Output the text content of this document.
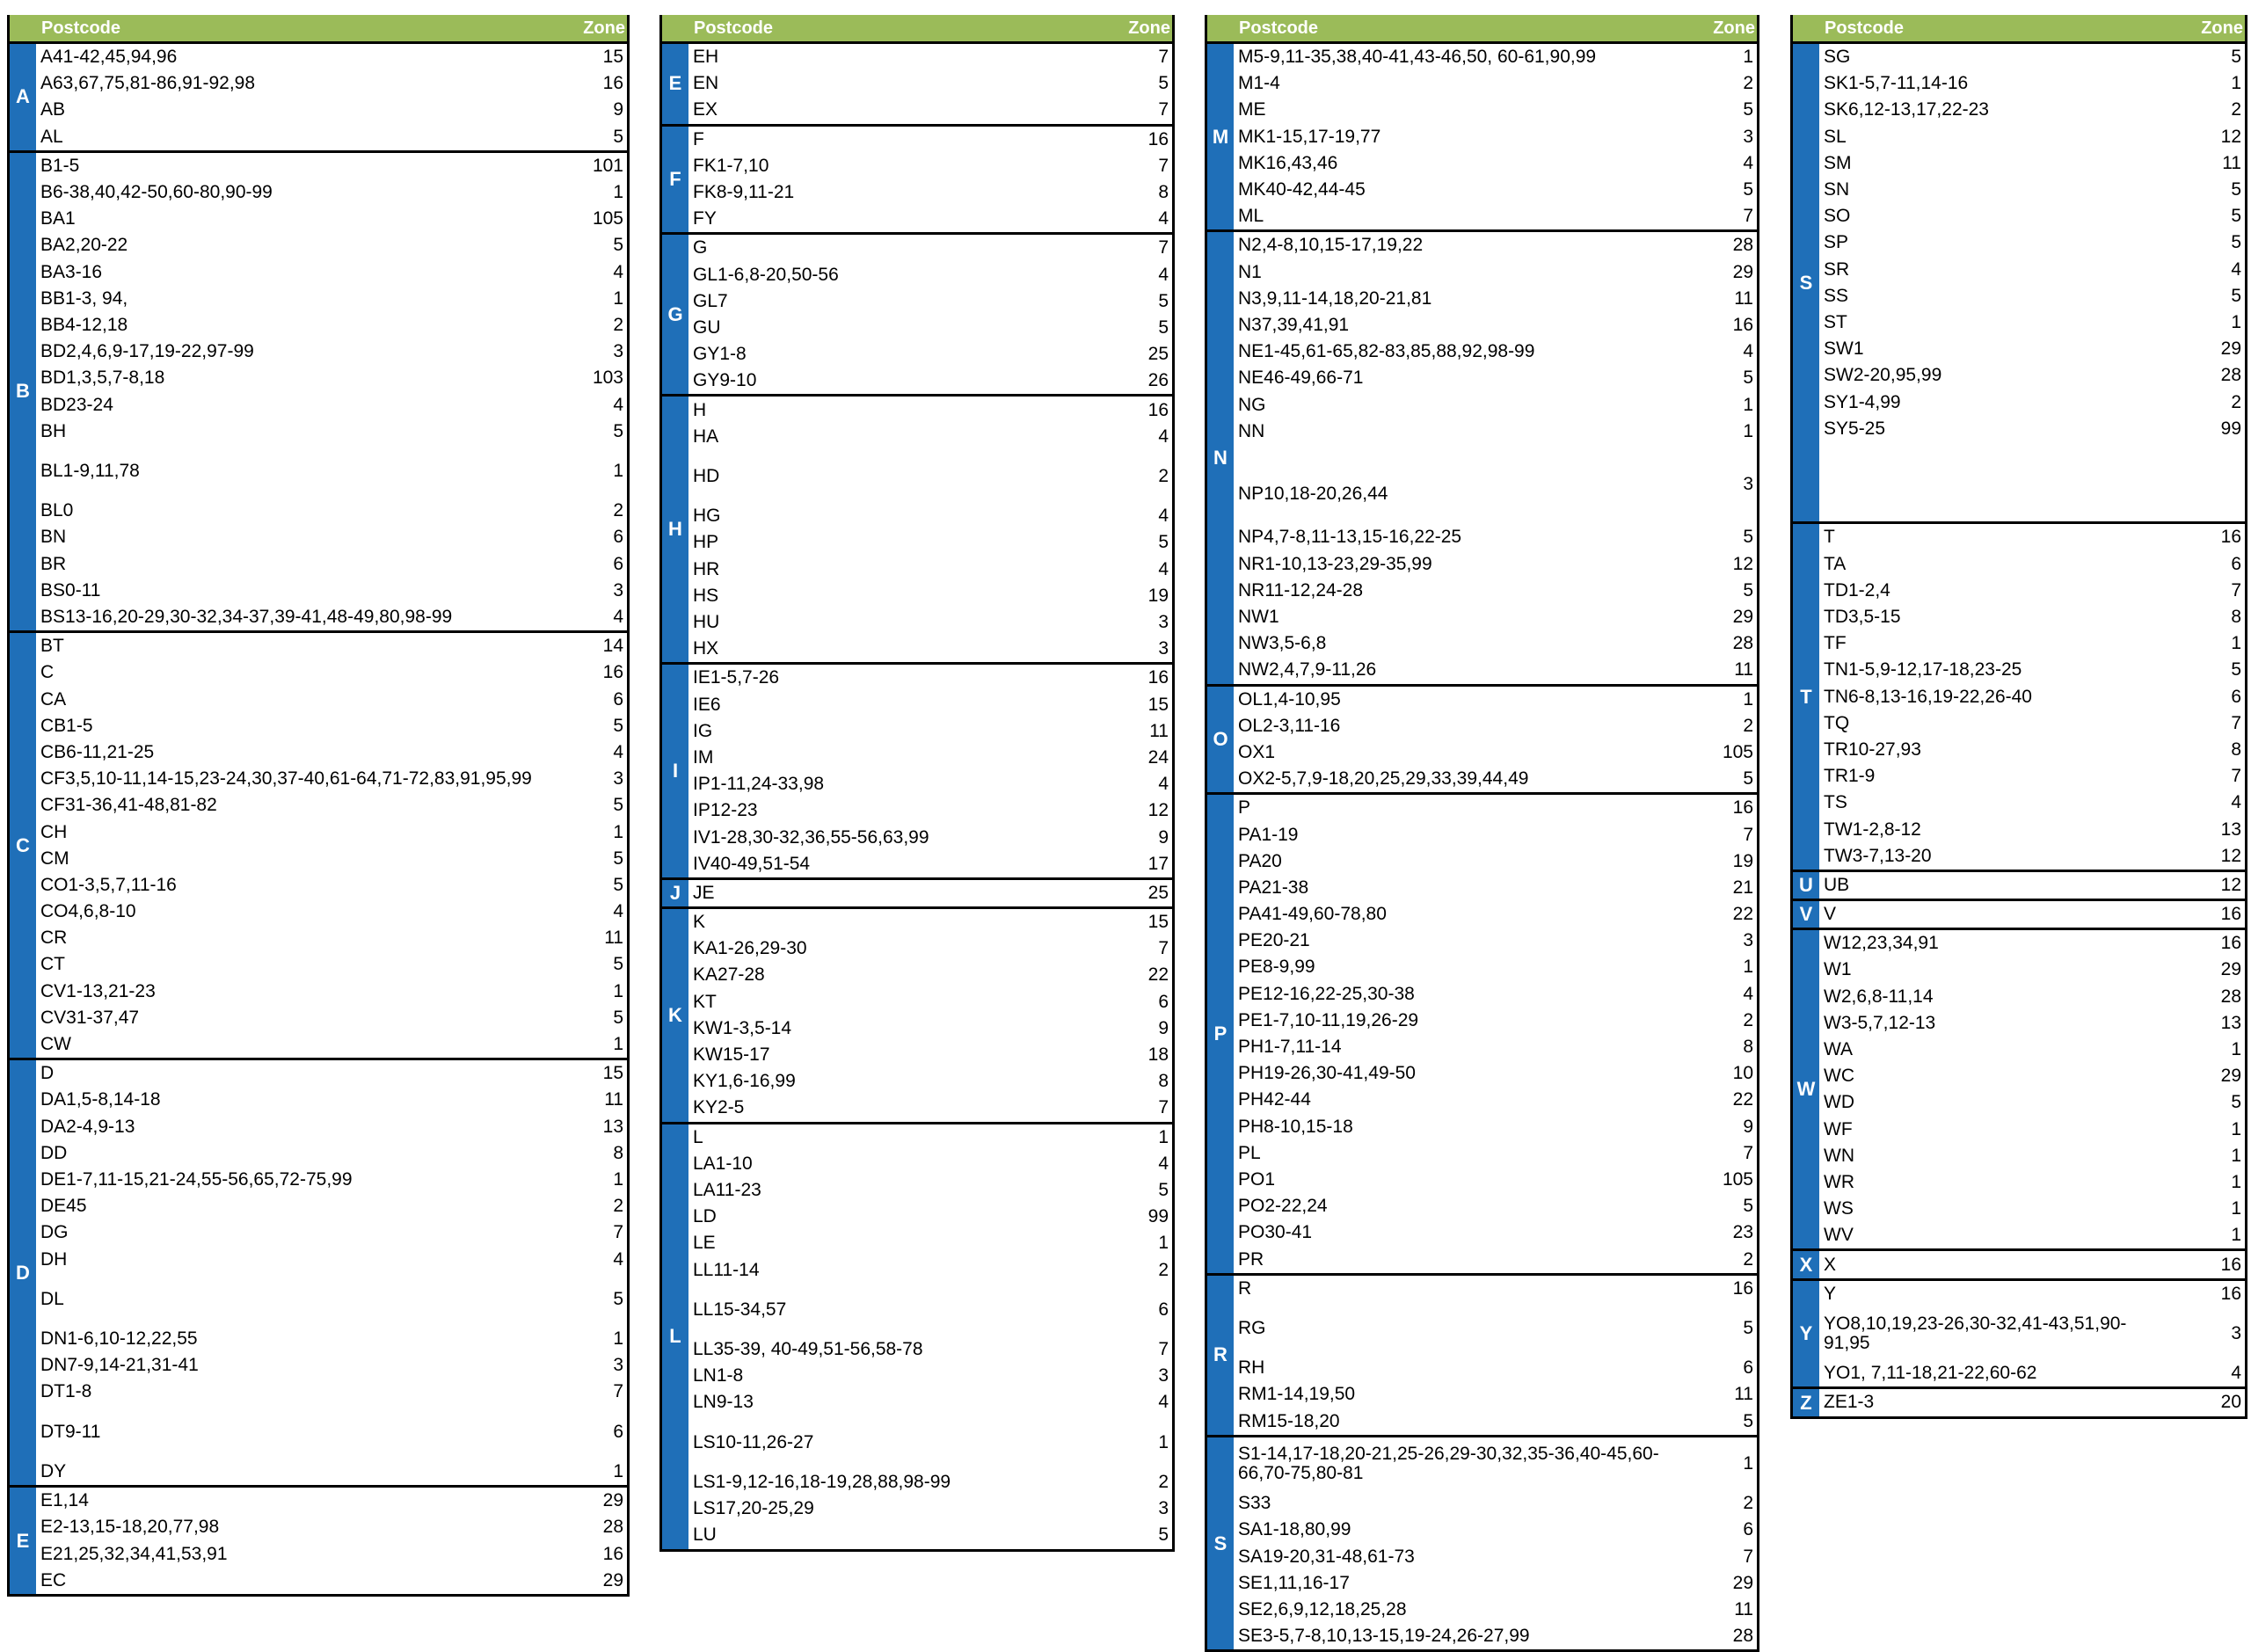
Postcode	Zone
A
A41-42,45,94,96	15
A63,67,75,81-86,91-92,98	16
AB	9
AL	5
B
B1-5	101
B6-38,40,42-50,60-80,90-99	1
BA1	105
BA2,20-22	5
BA3-16	4
BB1-3, 94,	1
BB4-12,18	2
BD2,4,6,9-17,19-22,97-99	3
BD1,3,5,7-8,18	103
BD23-24	4
BH	5
BL1-9,11,78	1
BL0	2
BN	6
BR	6
BS0-11	3
BS13-16,20-29,30-32,34-37,39-41,48-49,80,98-99	4
C
BT	14
C	16
CA	6
CB1-5	5
CB6-11,21-25	4
CF3,5,10-11,14-15,23-24,30,37-40,61-64,71-72,83,91,95,99	3
CF31-36,41-48,81-82	5
CH	1
CM	5
CO1-3,5,7,11-16	5
CO4,6,8-10	4
CR	11
CT	5
CV1-13,21-23	1
CV31-37,47	5
CW	1
D
D	15
DA1,5-8,14-18	11
DA2-4,9-13	13
DD	8
DE1-7,11-15,21-24,55-56,65,72-75,99	1
DE45	2
DG	7
DH	4
DL	5
DN1-6,10-12,22,55	1
DN7-9,14-21,31-41	3
DT1-8	7
DT9-11	6
DY	1
E
E1,14	29
E2-13,15-18,20,77,98	28
E21,25,32,34,41,53,91	16
EC	29
Postcode	Zone
E
EH	7
EN	5
EX	7
F
F	16
FK1-7,10	7
FK8-9,11-21	8
FY	4
G
G	7
GL1-6,8-20,50-56	4
GL7	5
GU	5
GY1-8	25
GY9-10	26
H
H	16
HA	4
HD	2
HG	4
HP	5
HR	4
HS	19
HU	3
HX	3
I
IE1-5,7-26	16
IE6	15
IG	11
IM	24
IP1-11,24-33,98	4
IP12-23	12
IV1-28,30-32,36,55-56,63,99	9
IV40-49,51-54	17
J JE	25
K
K	15
KA1-26,29-30	7
KA27-28	22
KT	6
KW1-3,5-14	9
KW15-17	18
KY1,6-16,99	8
KY2-5	7
L
L	1
LA1-10	4
LA11-23	5
LD	99
LE	1
LL11-14	2
LL15-34,57	6
LL35-39, 40-49,51-56,58-78	7
LN1-8	3
LN9-13	4
LS10-11,26-27	1
LS1-9,12-16,18-19,28,88,98-99	2
LS17,20-25,29	3
LU	5
Postcode	Zone
M
M5-9,11-35,38,40-41,43-46,50, 60-61,90,99	1
M1-4	2
ME	5
MK1-15,17-19,77	3
MK16,43,46	4
MK40-42,44-45	5
ML	7
N
N2,4-8,10,15-17,19,22	28
N1	29
N3,9,11-14,18,20-21,81	11
N37,39,41,91	16
NE1-45,61-65,82-83,85,88,92,98-99	4
NE46-49,66-71	5
NG	1
NN	1

NP10,18-20,26,44	3
NP4,7-8,11-13,15-16,22-25	5
NR1-10,13-23,29-35,99	12
NR11-12,24-28	5
NW1	29
NW3,5-6,8	28
NW2,4,7,9-11,26	11
O
OL1,4-10,95	1
OL2-3,11-16	2
OX1	105
OX2-5,7,9-18,20,25,29,33,39,44,49	5
P
P	16
PA1-19	7
PA20	19
PA21-38	21
PA41-49,60-78,80	22
PE20-21	3
PE8-9,99	1
PE12-16,22-25,30-38	4
PE1-7,10-11,19,26-29	2
PH1-7,11-14	8
PH19-26,30-41,49-50	10
PH42-44	22
PH8-10,15-18	9
PL	7
PO1	105
PO2-22,24	5
PO30-41	23
PR	2
R
R	16
RG	5
RH	6
RM1-14,19,50	11
RM15-18,20	5
S
S1-14,17-18,20-21,25-26,29-30,32,35-36,40-45,60-
66,70-75,80-81	1
S33	2
SA1-18,80,99	6
SA19-20,31-48,61-73	7
SE1,11,16-17	29
SE2,6,9,12,18,25,28	11
SE3-5,7-8,10,13-15,19-24,26-27,99	28
Postcode	Zone
S
SG	5
SK1-5,7-11,14-16	1
SK6,12-13,17,22-23	2
SL	12
SM	11
SN	5
SO	5
SP	5
SR	4
SS	5
ST	1
SW1	29
SW2-20,95,99	28
SY1-4,99	2
SY5-25	99
T
T	16
TA	6
TD1-2,4	7
TD3,5-15	8
TF	1
TN1-5,9-12,17-18,23-25	5
TN6-8,13-16,19-22,26-40	6
TQ	7
TR10-27,93	8
TR1-9	7
TS	4
TW1-2,8-12	13
TW3-7,13-20	12
U UB	12
V V	16
W
W12,23,34,91	16
W1	29
W2,6,8-11,14	28
W3-5,7,12-13	13
WA	1
WC	29
WD	5
WF	1
WN	1
WR	1
WS	1
WV	1
X X	16
Y
Y	16
YO8,10,19,23-26,30-32,41-43,51,90-
91,95	3
YO1, 7,11-18,21-22,60-62	4
Z ZE1-3	20
